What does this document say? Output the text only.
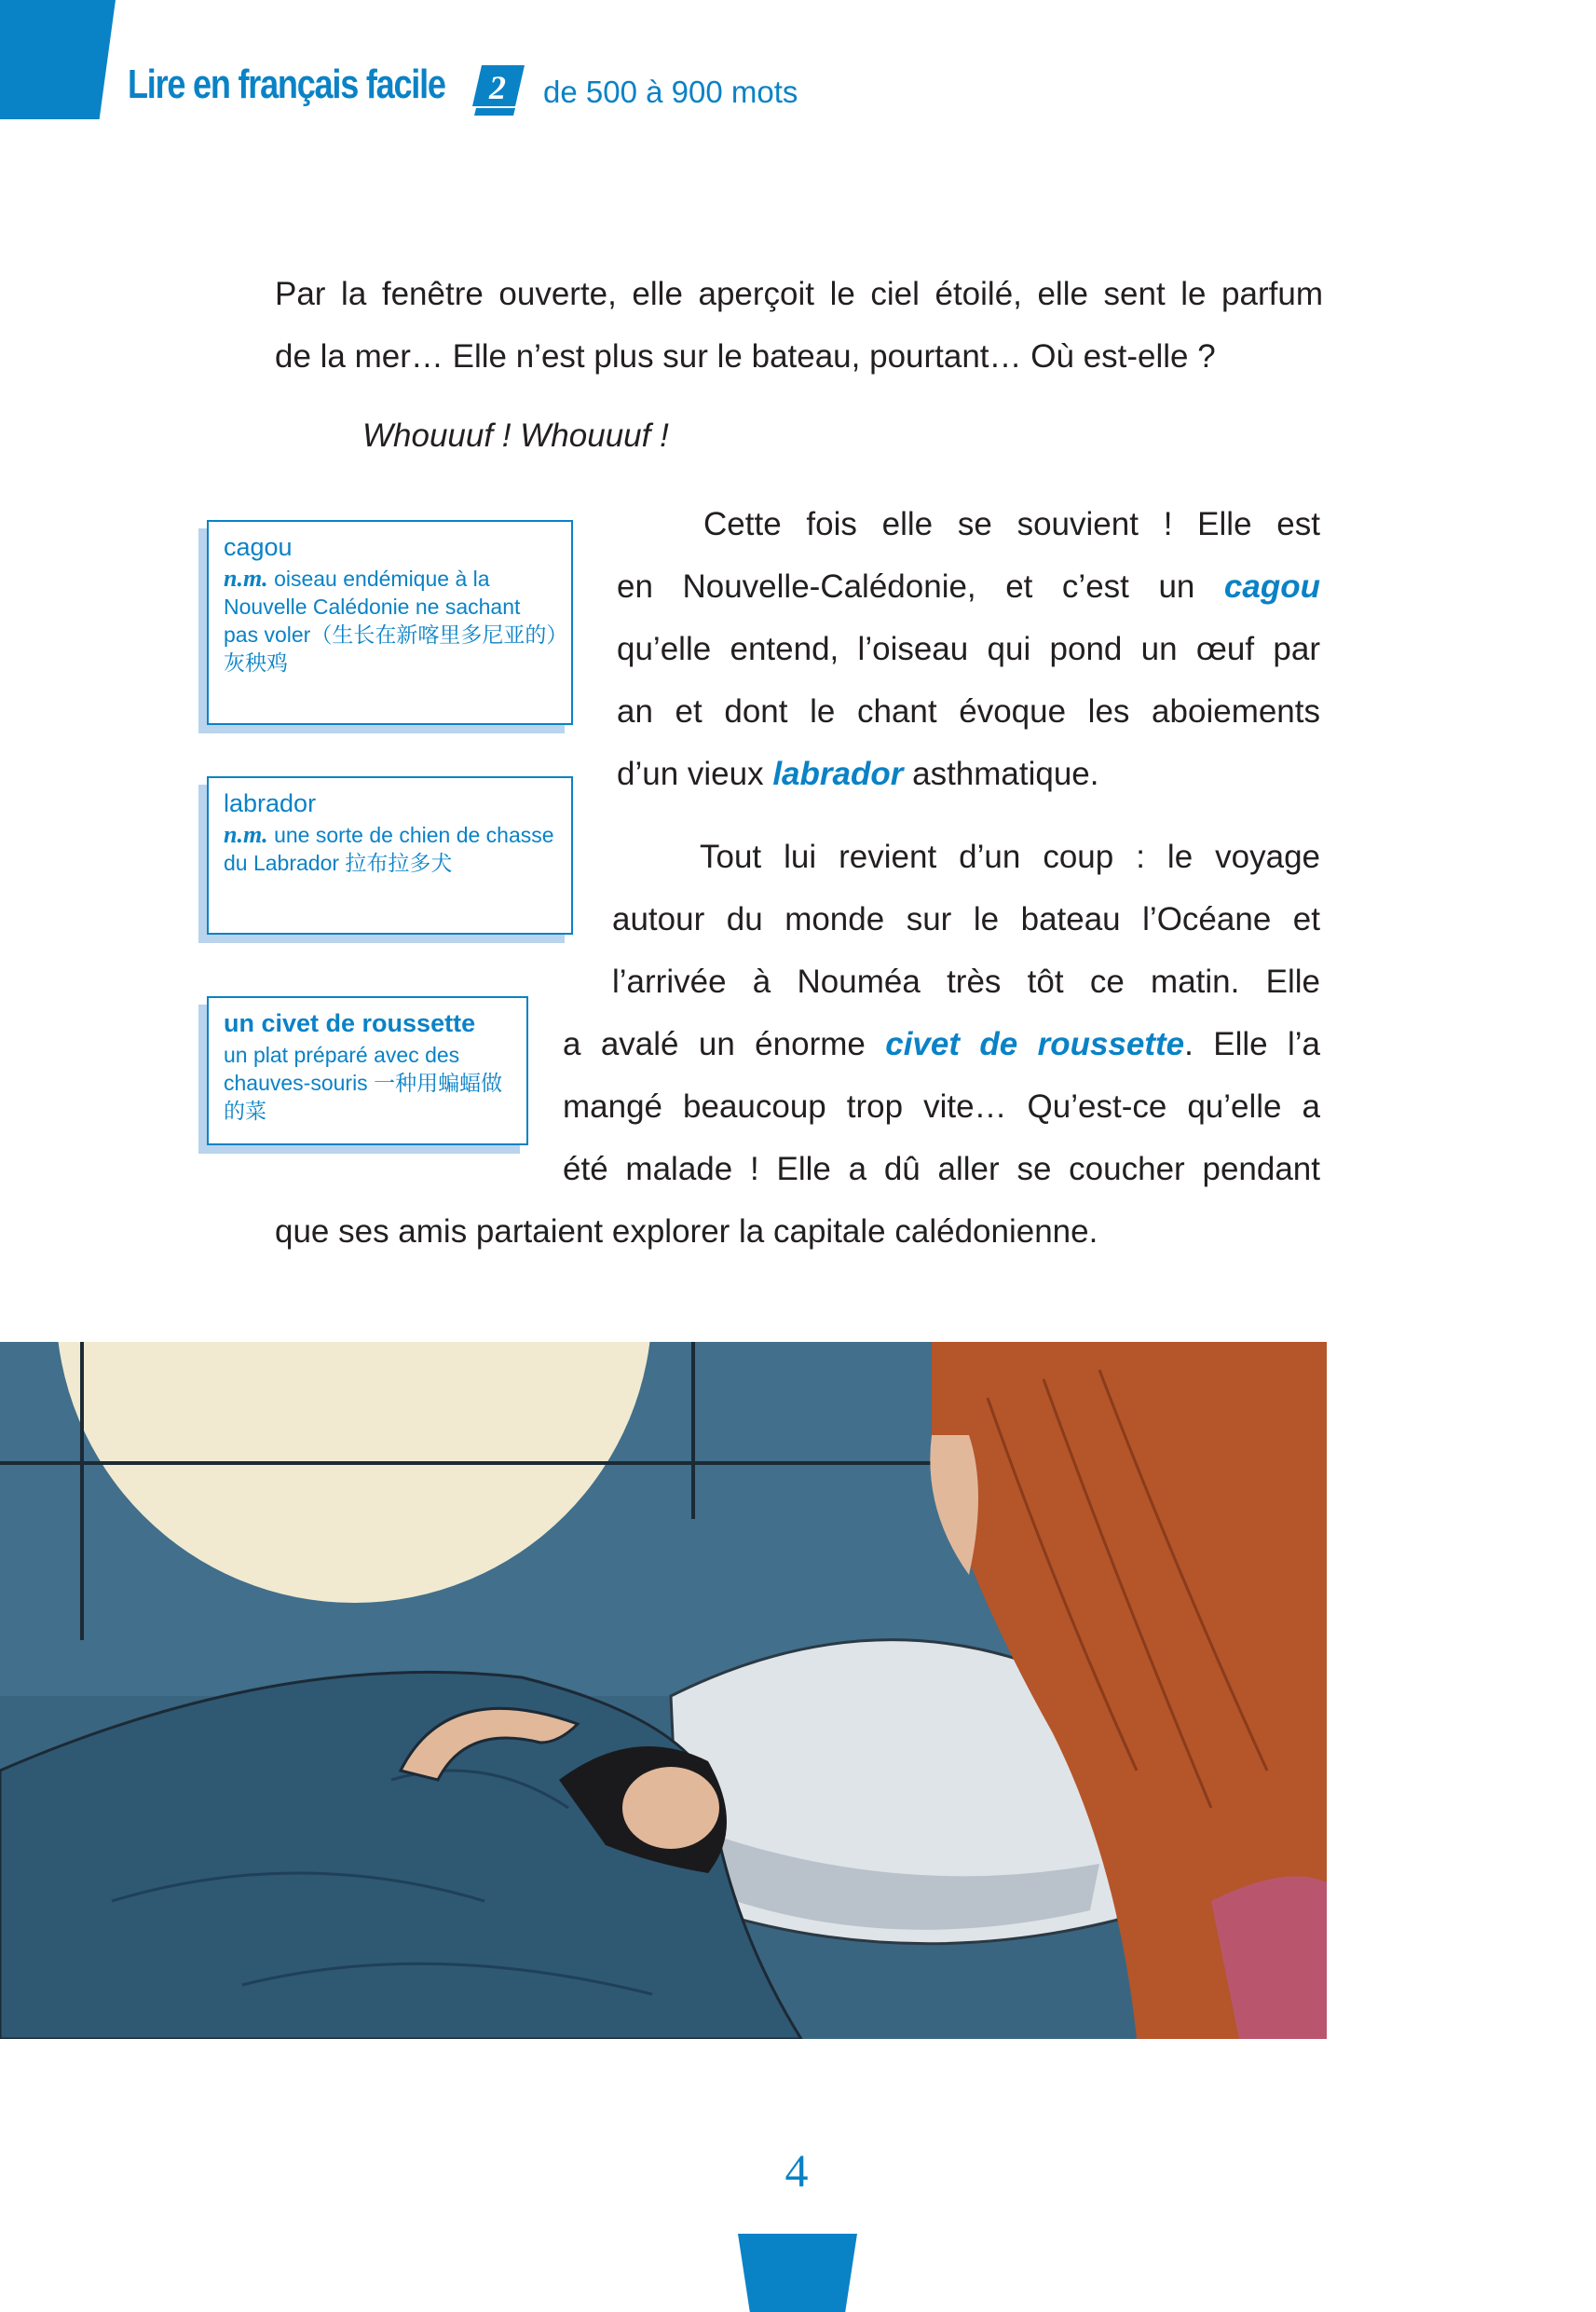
Lire en français facile 2 de 500 à 900 mots
Par la fenêtre ouverte, elle aperçoit le ciel étoilé, elle sent le parfum
de la mer… Elle n’est plus sur le bateau, pourtant… Où est-elle ?
Whouuuf ! Whouuuf !
Cette fois elle se souvient ! Elle est
en Nouvelle-Calédonie, et c’est un cagou
qu’elle entend, l’oiseau qui pond un œuf par
an et dont le chant évoque les aboiements
d’un vieux labrador asthmatique.
Tout lui revient d’un coup : le voyage
autour du monde sur le bateau l’Océane et
l’arrivée à Nouméa très tôt ce matin. Elle
a avalé un énorme civet de roussette. Elle l’a
mangé beaucoup trop vite… Qu’est-ce qu’elle a
été malade ! Elle a dû aller se coucher pendant
que ses amis partaient explorer la capitale calédonienne.
cagou
n.m. oiseau endémique à la Nouvelle Calédonie ne sachant pas voler（生长在新喀里多尼亚的）灰秧鸡
labrador
n.m. une sorte de chien de chasse du Labrador 拉布拉多犬
un civet de roussette
un plat préparé avec des chauves-souris 一种用蝙蝠做的菜
4
